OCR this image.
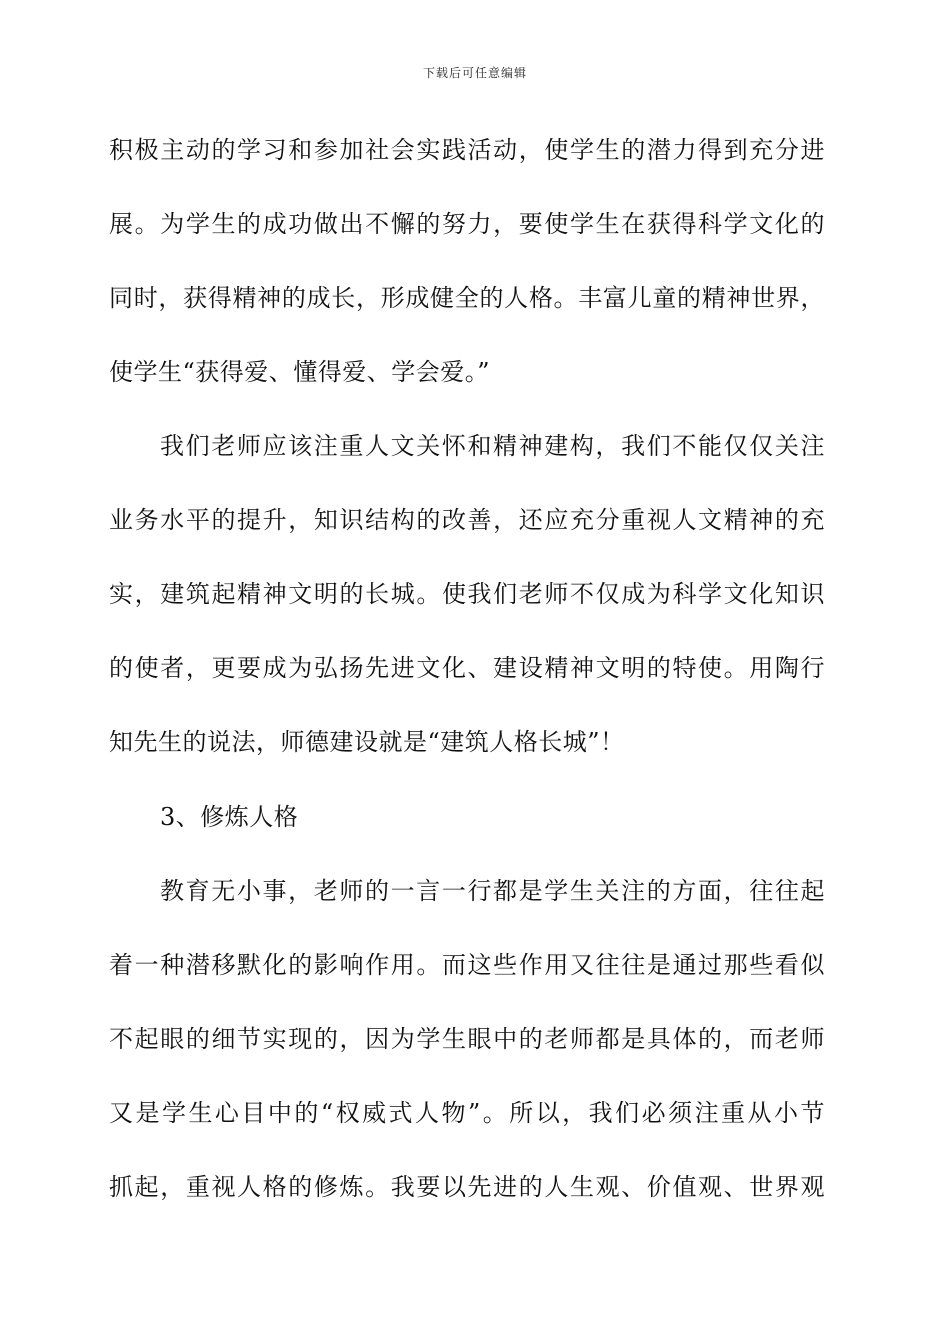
下载后可任意编辑
积极主动的学习和参加社会实践活动，使学生的潜力得到充分进
展。为学生的成功做出不懈的努力，要使学生在获得科学文化的
同时，获得精神的成长，形成健全的人格。丰富儿童的精神世界，
使学生“获得爱、懂得爱、学会爱。”
我们老师应该注重人文关怀和精神建构，我们不能仅仅关注
业务水平的提升，知识结构的改善，还应充分重视人文精神的充
实，建筑起精神文明的长城。使我们老师不仅成为科学文化知识
的使者，更要成为弘扬先进文化、建设精神文明的特使。用陶行
知先生的说法，师德建设就是“建筑人格长城”！
3、修炼人格
教育无小事，老师的一言一行都是学生关注的方面，往往起
着一种潜移默化的影响作用。而这些作用又往往是通过那些看似
不起眼的细节实现的，因为学生眼中的老师都是具体的，而老师
又是学生心目中的“权威式人物”。所以，我们必须注重从小节
抓起，重视人格的修炼。我要以先进的人生观、价值观、世界观
